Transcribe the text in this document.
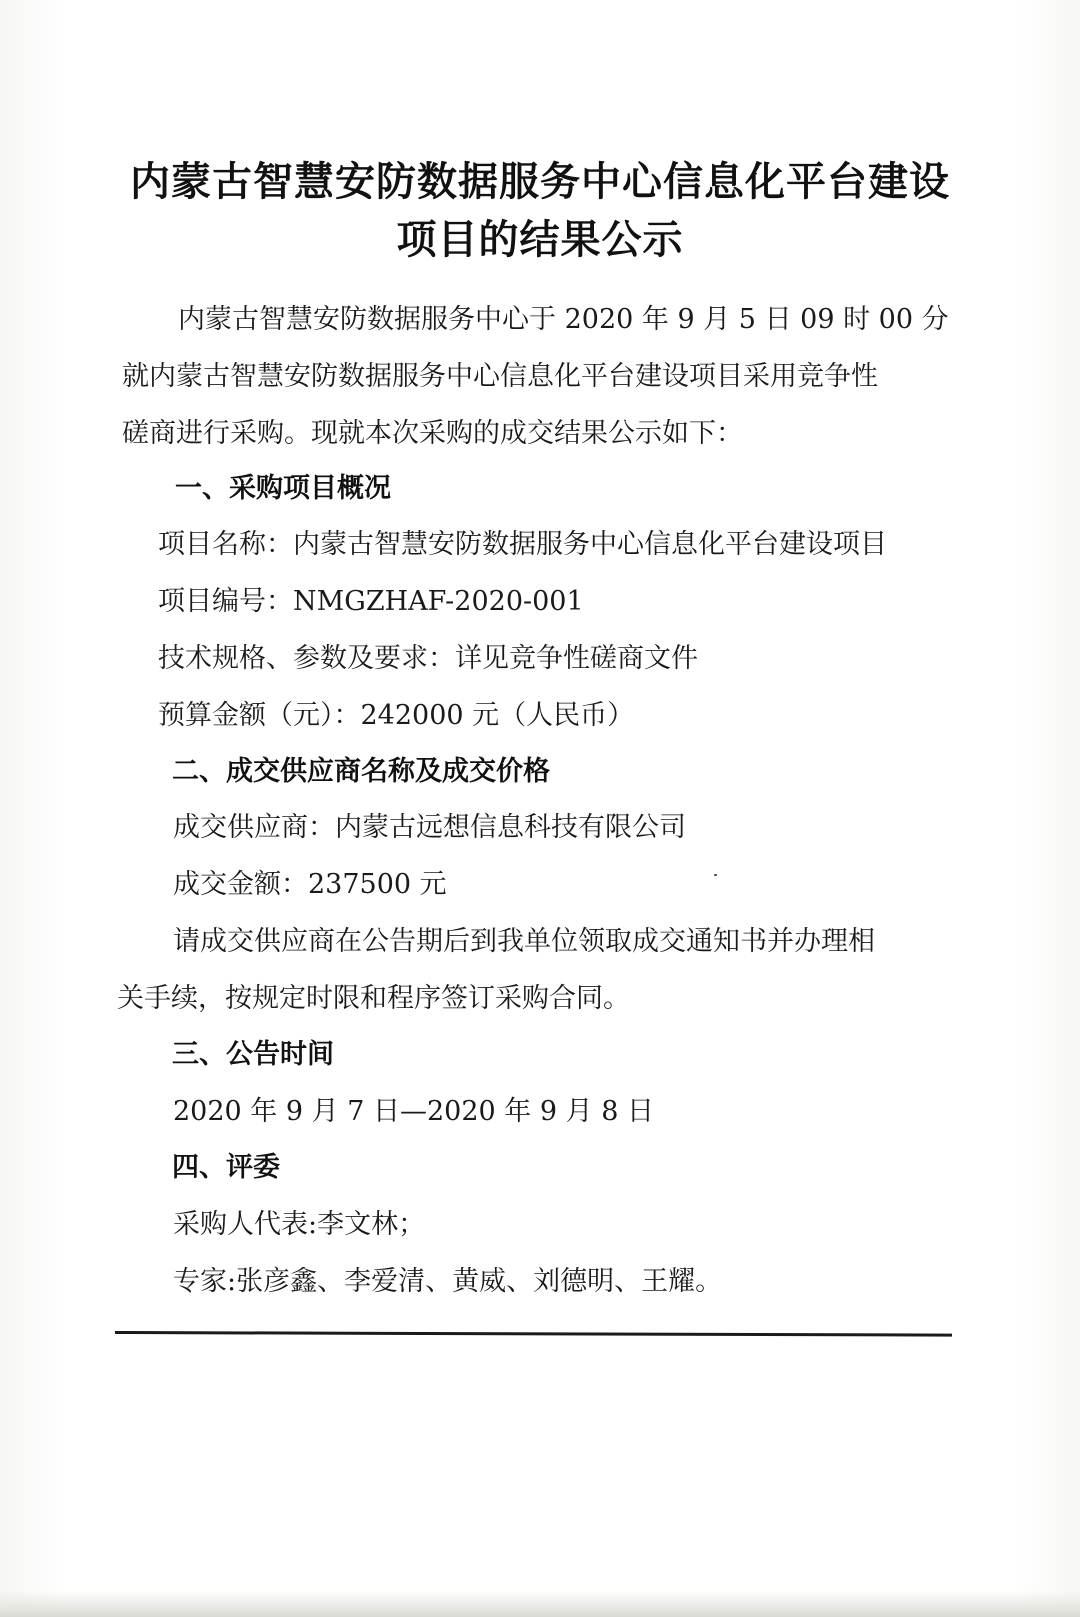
内蒙古智慧安防数据服务中心信息化平台建设
项目的结果公示
内蒙古智慧安防数据服务中心于 2020 年 9 月 5 日 09 时 00 分
就内蒙古智慧安防数据服务中心信息化平台建设项目采用竞争性
磋商进行采购。现就本次采购的成交结果公示如下：
一、采购项目概况
项目名称：内蒙古智慧安防数据服务中心信息化平台建设项目
项目编号：NMGZHAF-2020-001
技术规格、参数及要求：详见竞争性磋商文件
预算金额（元）：242000 元（人民币）
二、成交供应商名称及成交价格
成交供应商：内蒙古远想信息科技有限公司
成交金额：237500 元
请成交供应商在公告期后到我单位领取成交通知书并办理相
关手续，按规定时限和程序签订采购合同。
三、公告时间
2020 年 9 月 7 日—2020 年 9 月 8 日
四、评委
采购人代表:李文林；
专家:张彦鑫、李爱清、黄威、刘德明、王耀。
